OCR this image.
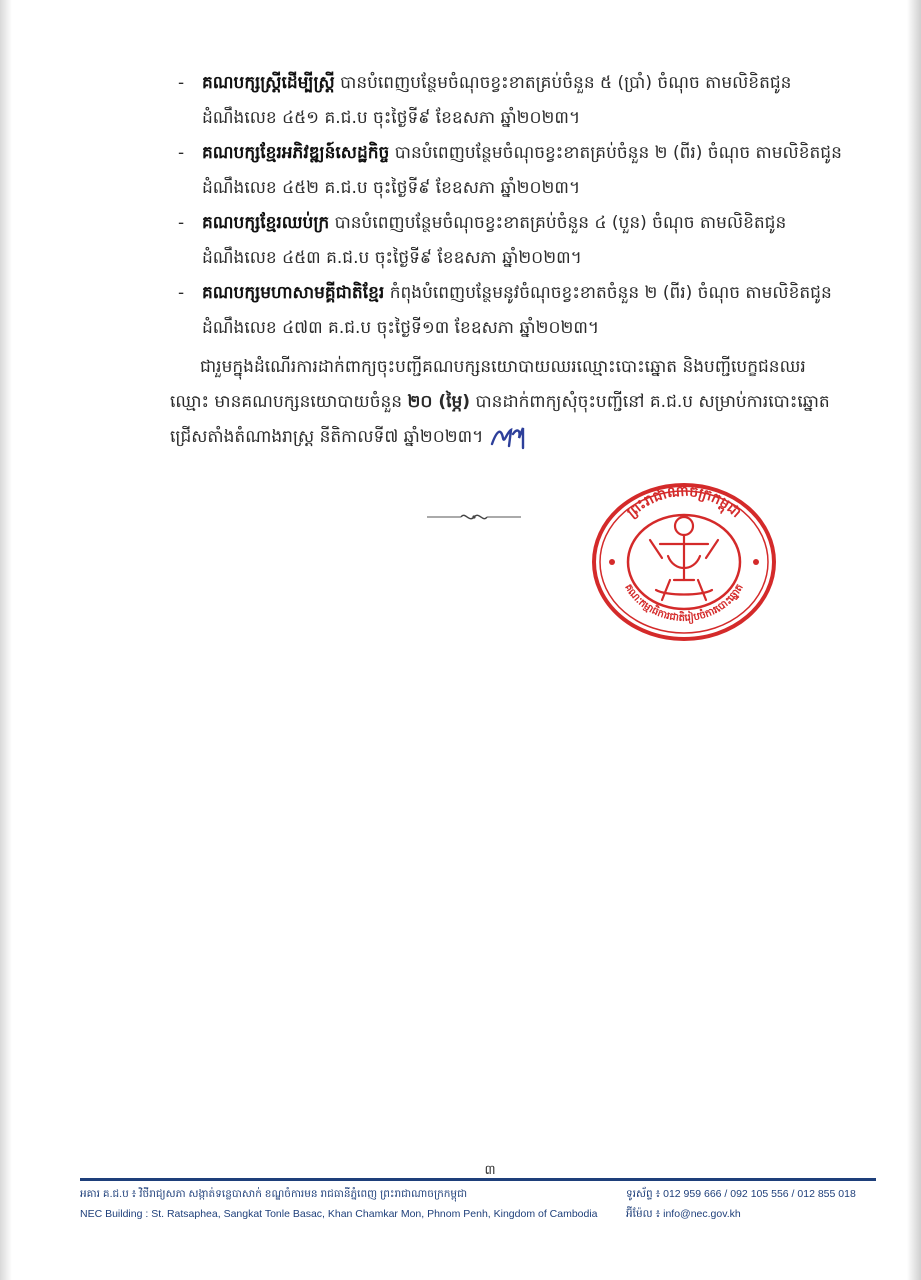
- គណបក្សស្ត្រីដើម្បីស្ត្រី បានបំពេញបន្ថែមចំណុចខ្វះខាតគ្រប់ចំនួន ៥ (ប្រាំ) ចំណុច តាមលិខិតជូនដំណឹងលេខ ៤៥១ គ.ជ.ប ចុះថ្ងៃទី៩ ខែឧសភា ឆ្នាំ២០២៣។
- គណបក្សខ្មែរអភិវឌ្ឍន៍សេដ្ឋកិច្ច បានបំពេញបន្ថែមចំណុចខ្វះខាតគ្រប់ចំនួន ២ (ពីរ) ចំណុច តាមលិខិតជូនដំណឹងលេខ ៤៥២ គ.ជ.ប ចុះថ្ងៃទី៩ ខែឧសភា ឆ្នាំ២០២៣។
- គណបក្សខ្មែរឈប់ក្រ បានបំពេញបន្ថែមចំណុចខ្វះខាតគ្រប់ចំនួន ៤ (បួន) ចំណុច តាមលិខិតជូនដំណឹងលេខ ៤៥៣ គ.ជ.ប ចុះថ្ងៃទី៩ ខែឧសភា ឆ្នាំ២០២៣។
- គណបក្សមហាសាមគ្គីជាតិខ្មែរ កំពុងបំពេញបន្ថែមនូវចំណុចខ្វះខាតចំនួន ២ (ពីរ) ចំណុច តាមលិខិតជូនដំណឹងលេខ ៤៧៣ គ.ជ.ប ចុះថ្ងៃទី១៣ ខែឧសភា ឆ្នាំ២០២៣។
ជារួមក្នុងដំណើរការដាក់ពាក្យចុះបញ្ជីគណបក្សនយោបាយឈរឈ្មោះបោះឆ្នោត និងបញ្ជីបេក្ខជនឈរឈ្មោះ មានគណបក្សនយោបាយចំនួន ២០ (ម្ភៃ) បានដាក់ពាក្យសុំចុះបញ្ជីនៅ គ.ជ.ប សម្រាប់ការបោះឆ្នោតជ្រើសតាំងតំណាងរាស្ត្រ នីតិកាលទី៧ ឆ្នាំ២០២៣។
ព្រះរាជាណាចក្រកម្ពុជា
គណៈកម្មាធិការជាតិរៀបចំការបោះឆ្នោត
៣
អគារ គ.ជ.ប ៖ វិថីរាជ្យសភា សង្កាត់ទន្លេបាសាក់ ខណ្ឌចំការមន រាជធានីភ្នំពេញ ព្រះរាជាណាចក្រកម្ពុជា	ទូរស័ព្ទ ៖ 012 959 666 / 092 105 556 / 012 855 018
NEC Building : St. Ratsaphea, Sangkat Tonle Basac, Khan Chamkar Mon, Phnom Penh, Kingdom of Cambodia	អ៊ីម៉ែល ៖ info@nec.gov.kh
